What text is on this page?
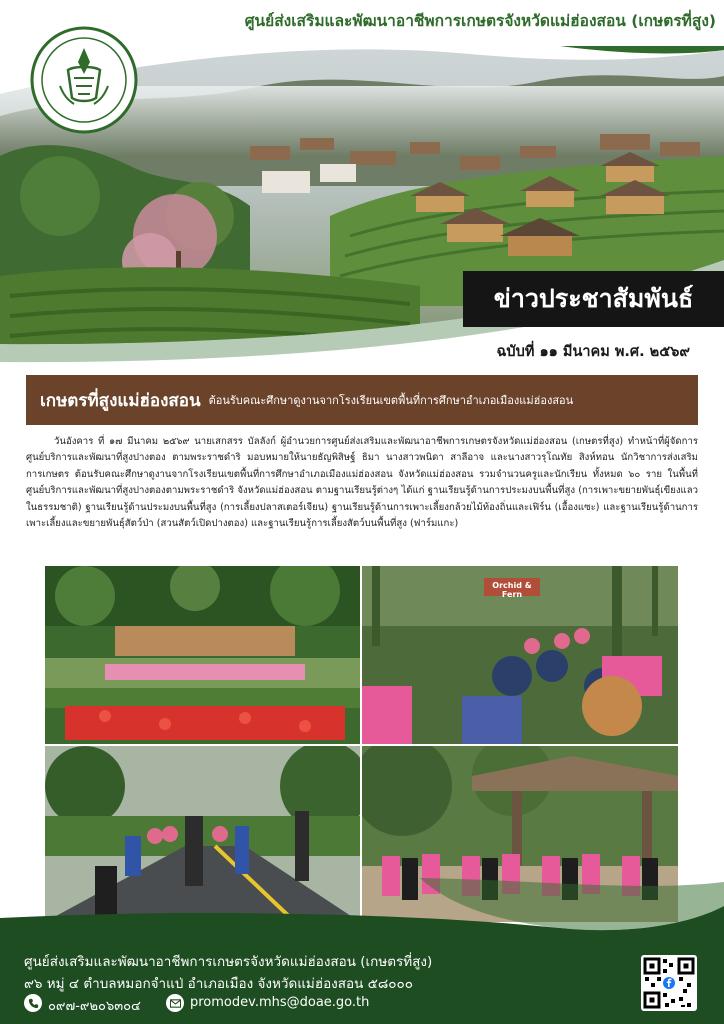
ศูนย์ส่งเสริมและพัฒนาอาชีพการเกษตรจังหวัดแม่ฮ่องสอน (เกษตรที่สูง)
ข่าวประชาสัมพันธ์
ฉบับที่ ๑๑ มีนาคม พ.ศ. ๒๕๖๙
เกษตรที่สูงแม่ฮ่องสอน ต้อนรับคณะศึกษาดูงานจากโรงเรียนเขตพื้นที่การศึกษาอำเภอเมืองแม่ฮ่องสอน

วันอังคาร ที่ ๑๗ มีนาคม ๒๕๖๙ นายเสกสรร บัลลังก์ ผู้อำนวยการศูนย์ส่งเสริมและพัฒนาอาชีพการเกษตรจังหวัดแม่ฮ่องสอน (เกษตรที่สูง) ทำหน้าที่ผู้จัดการศูนย์บริการและพัฒนาที่สูงปางตอง ตามพระราชดำริ มอบหมายให้นายธัญพิสิษฐ์ ธิมา นางสาวพนิดา สาลีอาจ และนางสาวรุโณทัย สิงห์ทอน นักวิชาการส่งเสริมการเกษตร ต้อนรับคณะศึกษาดูงานจากโรงเรียนเขตพื้นที่การศึกษาอำเภอเมืองแม่ฮ่องสอน จังหวัดแม่ฮ่องสอน รวมจำนวนครูและนักเรียน ทั้งหมด ๖๐ ราย ในพื้นที่ศูนย์บริการและพัฒนาที่สูงปางตองตามพระราชดำริ จังหวัดแม่ฮ่องสอน ตามฐานเรียนรู้ต่างๆ ได้แก่ ฐานเรียนรู้ด้านการประมงบนพื้นที่สูง (การเพาะขยายพันธุ์เขียงแลวในธรรมชาติ) ฐานเรียนรู้ด้านประมงบนพื้นที่สูง (การเลี้ยงปลาสเตอร์เจียน) ฐานเรียนรู้ด้านการเพาะเลี้ยงกล้วยไม้ท้องถิ่นและเฟิร์น (เอื้องแซะ) และฐานเรียนรู้ด้านการเพาะเลี้ยงและขยายพันธุ์สัตว์ป่า (สวนสัตว์เปิดปางตอง) และฐานเรียนรู้การเลี้ยงสัตว์บนพื้นที่สูง (ฟาร์มแกะ)

Orchid & Fern
ศูนย์ส่งเสริมและพัฒนาอาชีพการเกษตรจังหวัดแม่ฮ่องสอน (เกษตรที่สูง)
๙๖ หมู่ ๔ ตำบลหมอกจำแป่ อำเภอเมือง จังหวัดแม่ฮ่องสอน ๕๘๐๐๐
๐๙๗-๙๒๐๖๓๐๔	promodev.mhs@doae.go.th
